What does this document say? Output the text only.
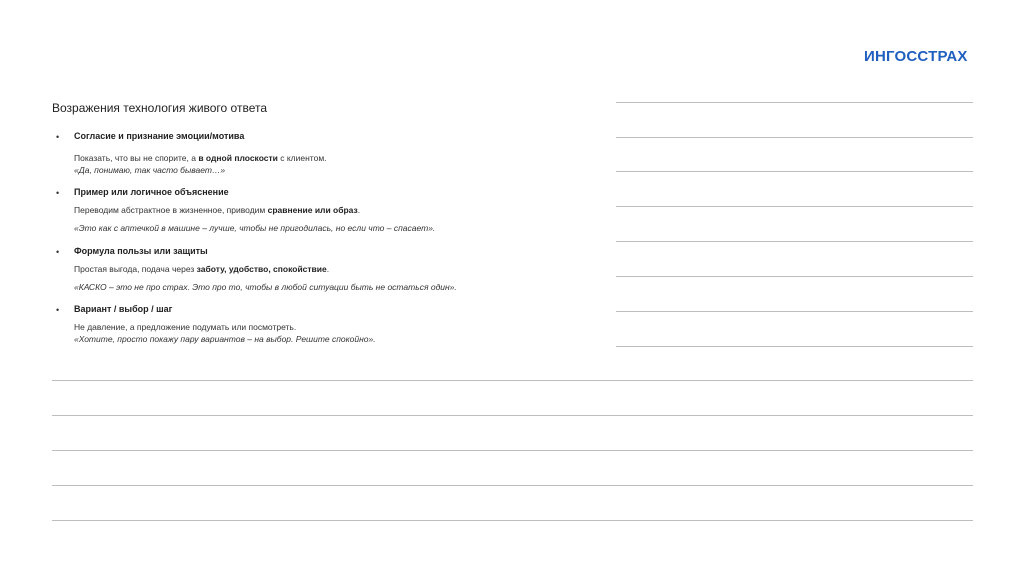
ИНГОССТРАХ
Возражения технология живого ответа
• Согласие и признание эмоции/мотива
Показать, что вы не спорите, а в одной плоскости с клиентом.
«Да, понимаю, так часто бывает…»
• Пример или логичное объяснение
Переводим абстрактное в жизненное, приводим сравнение или образ.
«Это как с аптечкой в машине – лучше, чтобы не пригодилась, но если что – спасает».
• Формула пользы или защиты
Простая выгода, подача через заботу, удобство, спокойствие.
«КАСКО – это не про страх. Это про то, чтобы в любой ситуации быть не остаться один».
• Вариант / выбор / шаг
Не давление, а предложение подумать или посмотреть.
«Хотите, просто покажу пару вариантов – на выбор. Решите спокойно».
